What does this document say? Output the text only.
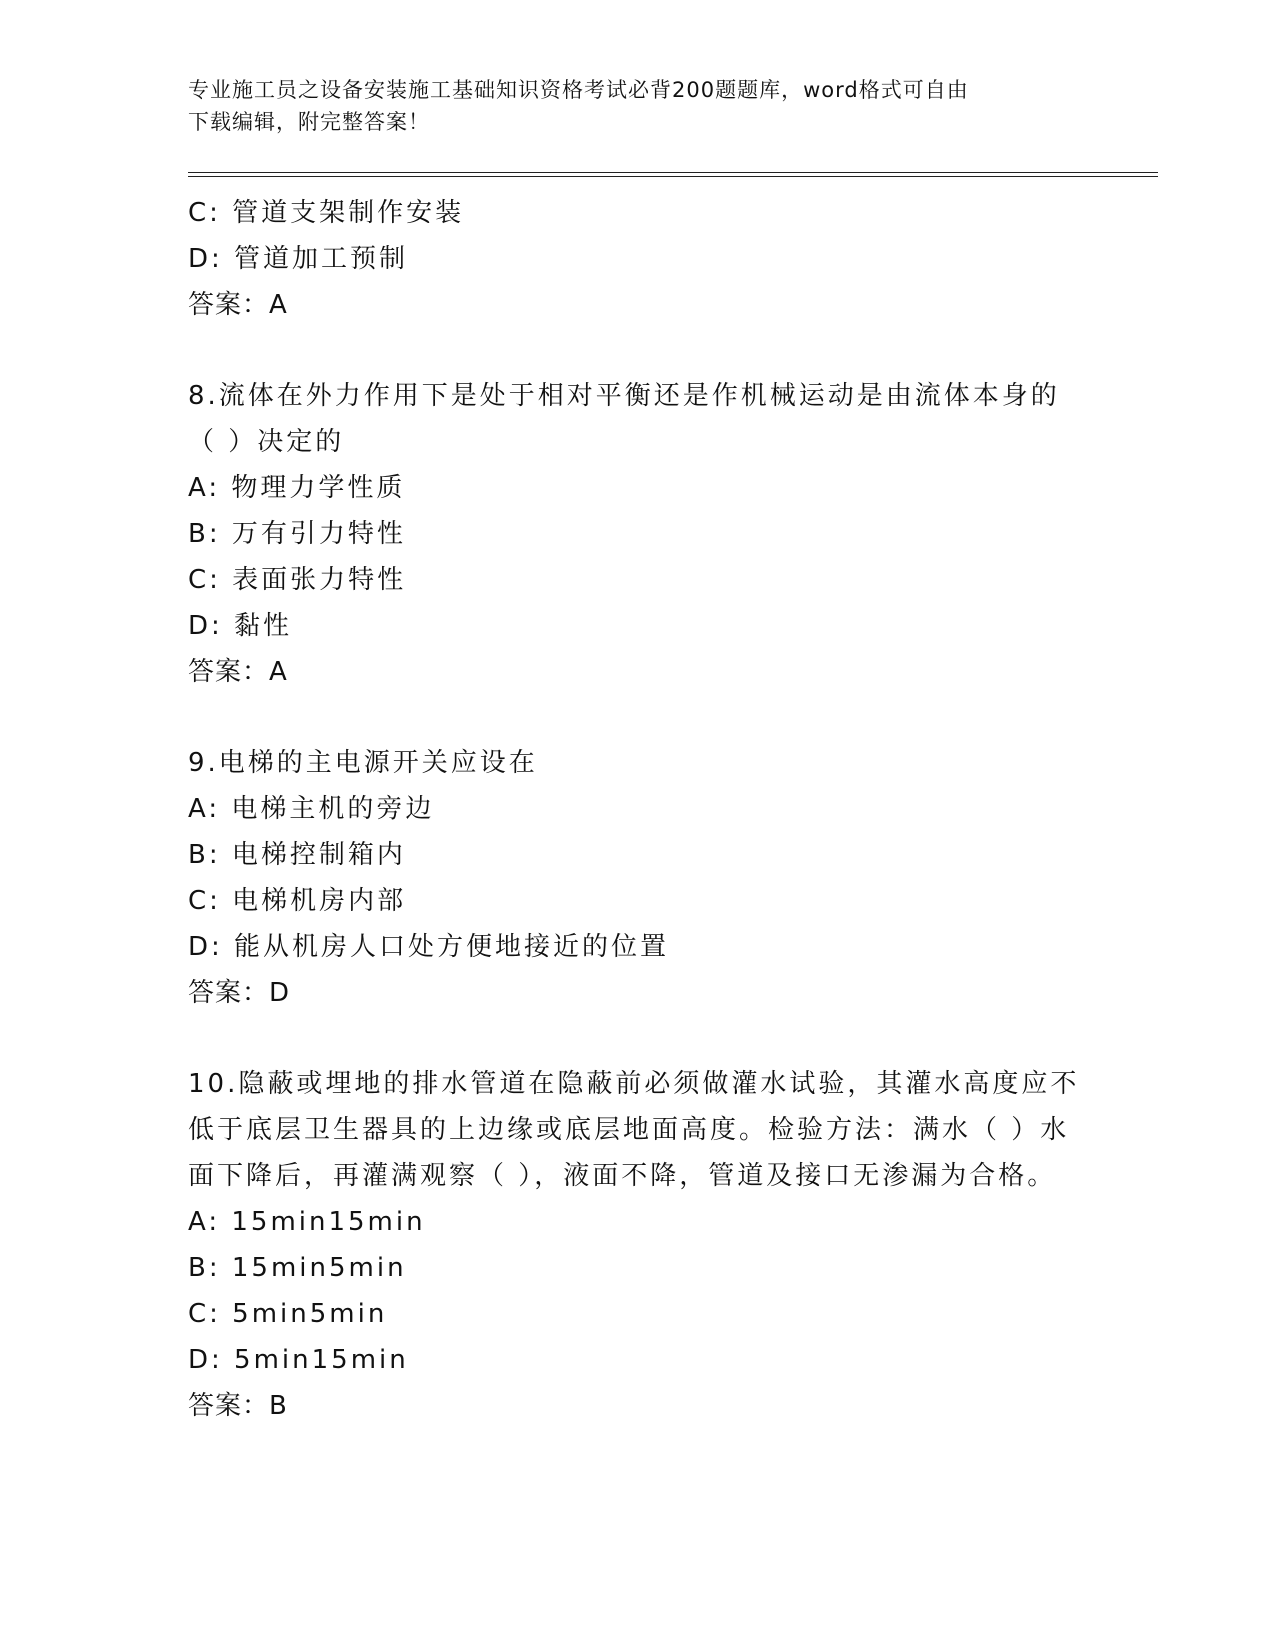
专业施工员之设备安装施工基础知识资格考试必背200题题库，word格式可自由
下载编辑，附完整答案！
C: 管道支架制作安装
D: 管道加工预制
答案：A
8.流体在外力作用下是处于相对平衡还是作机械运动是由流体本身的
（ ）决定的
A: 物理力学性质
B: 万有引力特性
C: 表面张力特性
D: 黏性
答案：A
9.电梯的主电源开关应设在
A: 电梯主机的旁边
B: 电梯控制箱内
C: 电梯机房内部
D: 能从机房人口处方便地接近的位置
答案：D
10.隐蔽或埋地的排水管道在隐蔽前必须做灌水试验，其灌水高度应不
低于底层卫生器具的上边缘或底层地面高度。检验方法：满水（ ）水
面下降后，再灌满观察（ ），液面不降，管道及接口无渗漏为合格。
A: 15min15min
B: 15min5min
C: 5min5min
D: 5min15min
答案：B
